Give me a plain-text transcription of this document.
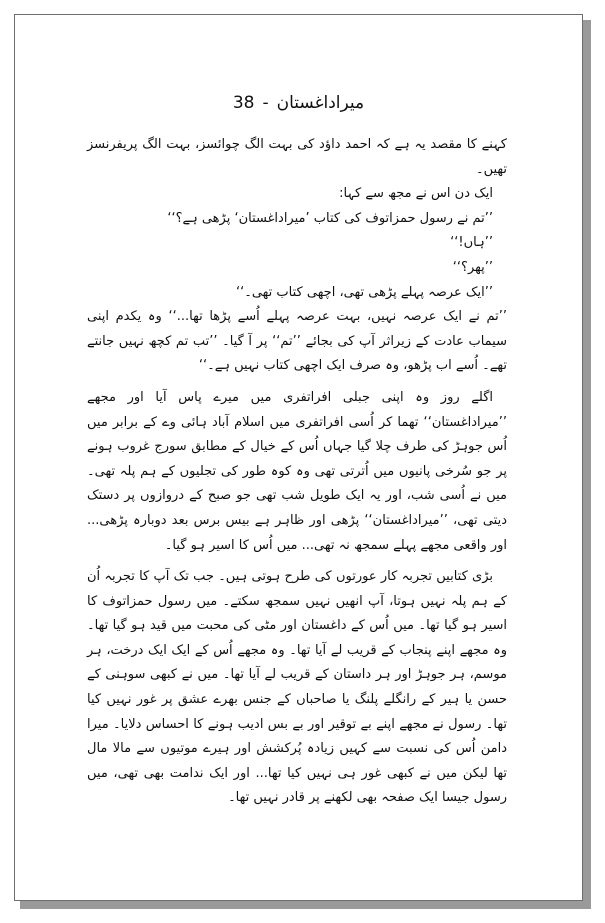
میراداغستان-38

کہنے کا مقصد یہ ہے کہ احمد داؤد کی بہت الگ چوائسز، بہت الگ پریفرنسز تھیں۔

ایک دن اس نے مجھ سے کہا:

’’تم نے رسول حمزاتوف کی کتاب ’میراداغستان‘ پڑھی ہے؟‘‘

’’ہاں!‘‘

’’پھر؟‘‘

’’ایک عرصہ پہلے پڑھی تھی، اچھی کتاب تھی۔‘‘

’’تم نے ایک عرصہ نہیں، بہت عرصہ پہلے اُسے پڑھا تھا...‘‘ وہ یکدم اپنی سیماب عادت کے زیراثر آپ کی بجائے ’’تم‘‘ پر آ گیا۔ ’’تب تم کچھ نہیں جانتے تھے۔ اُسے اب پڑھو، وہ صرف ایک اچھی کتاب نہیں ہے۔‘‘

اگلے روز وہ اپنی جبلی افراتفری میں میرے پاس آیا اور مجھے ’’میراداغستان‘‘ تھما کر اُسی افراتفری میں اسلام آباد ہائی وے کے برابر میں اُس جوہڑ کی طرف چلا گیا جہاں اُس کے خیال کے مطابق سورج غروب ہونے پر جو سُرخی پانیوں میں اُترتی تھی وہ کوہ طور کی تجلیوں کے ہم پلہ تھی۔ میں نے اُسی شب، اور یہ ایک طویل شب تھی جو صبح کے دروازوں پر دستک دیتی تھی، ’’میراداغستان‘‘ پڑھی اور ظاہر ہے بیس برس بعد دوبارہ پڑھی... اور واقعی مجھے پہلے سمجھ نہ تھی... میں اُس کا اسیر ہو گیا۔

بڑی کتابیں تجربہ کار عورتوں کی طرح ہوتی ہیں۔ جب تک آپ کا تجربہ اُن کے ہم پلہ نہیں ہوتا، آپ انھیں نہیں سمجھ سکتے۔ میں رسول حمزاتوف کا اسیر ہو گیا تھا۔ میں اُس کے داغستان اور مٹی کی محبت میں قید ہو گیا تھا۔ وہ مجھے اپنے پنجاب کے قریب لے آیا تھا۔ وہ مجھے اُس کے ایک ایک درخت، ہر موسم، ہر جوہڑ اور ہر داستان کے قریب لے آیا تھا۔ میں نے کبھی سوہنی کے حسن یا ہیر کے رانگلے پلنگ یا صاحباں کے جنس بھرے عشق پر غور نہیں کیا تھا۔ رسول نے مجھے اپنے بے توقیر اور بے بس ادیب ہونے کا احساس دلایا۔ میرا دامن اُس کی نسبت سے کہیں زیادہ پُرکشش اور ہیرے موتیوں سے مالا مال تھا لیکن میں نے کبھی غور ہی نہیں کیا تھا... اور ایک ندامت بھی تھی، میں رسول جیسا ایک صفحہ بھی لکھنے پر قادر نہیں تھا۔
